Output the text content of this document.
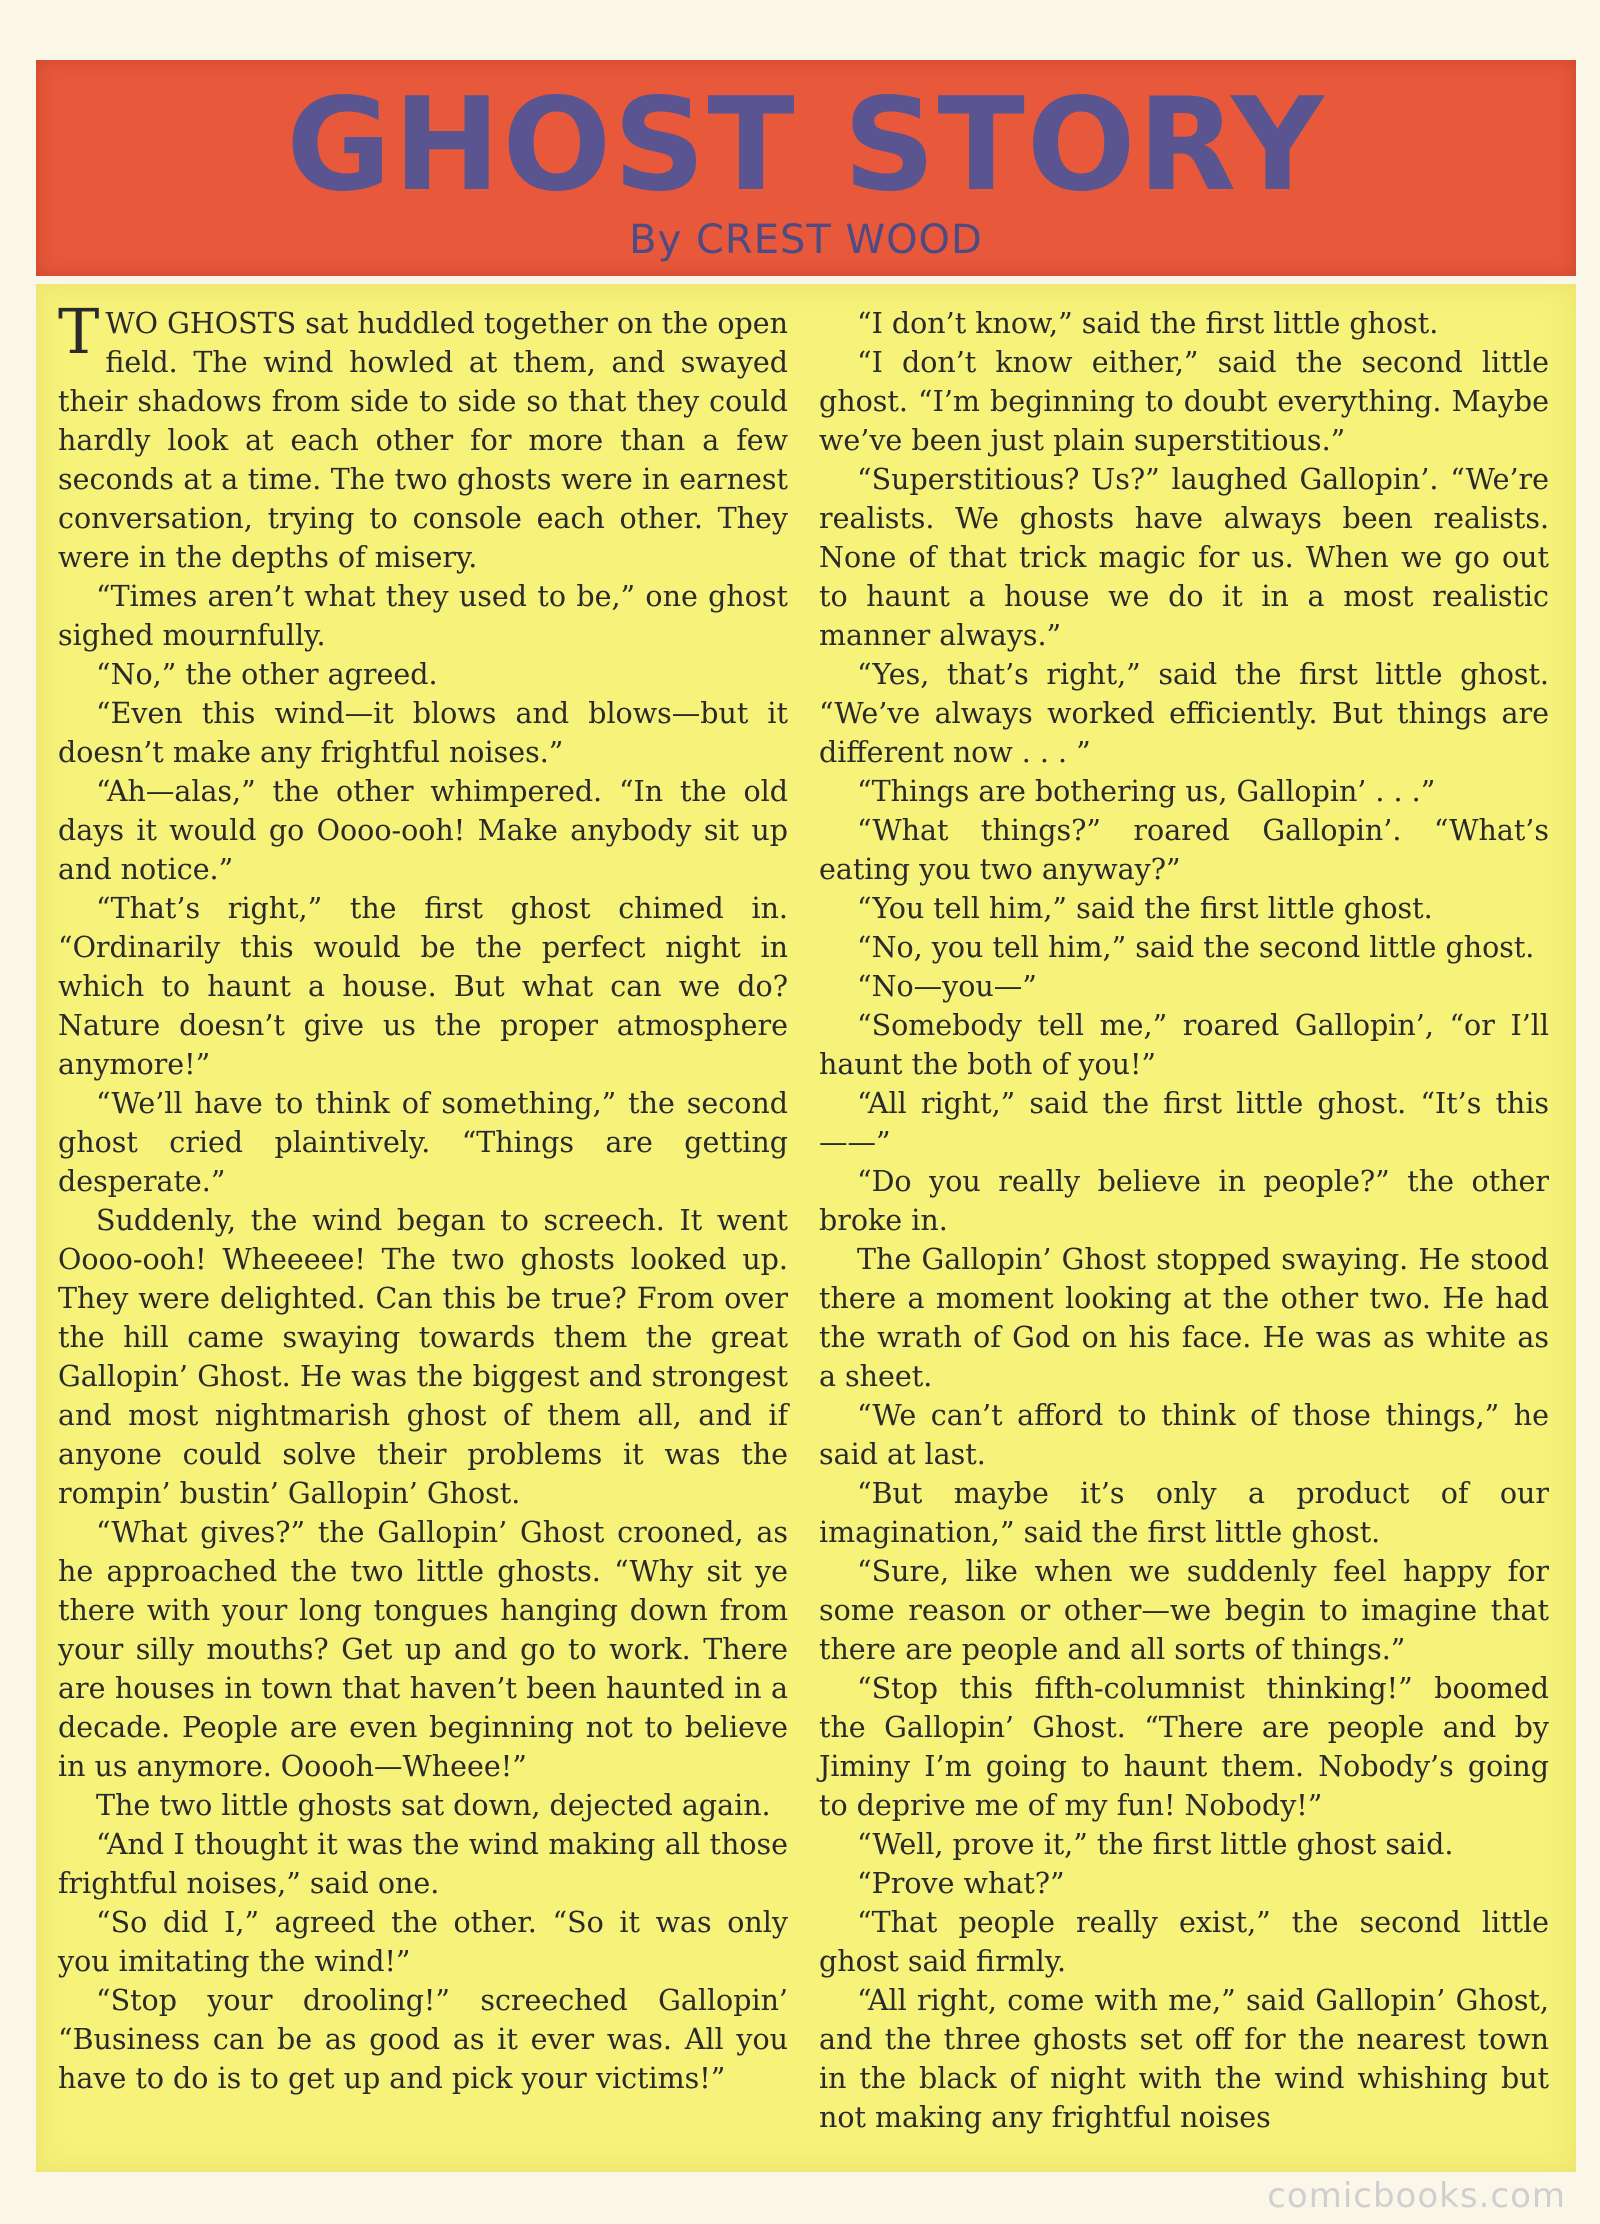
GHOST STORY
By CREST WOOD

TWO GHOSTS sat huddled together on the open field. The wind howled at them, and swayed their shadows from side to side so that they could hardly look at each other for more than a few seconds at a time. The two ghosts were in earnest conversation, trying to console each other. They were in the depths of misery.

“Times aren’t what they used to be,” one ghost sighed mournfully.

“No,” the other agreed.

“Even this wind—it blows and blows—but it doesn’t make any frightful noises.”

“Ah—alas,” the other whimpered. “In the old days it would go Oooo-ooh! Make anybody sit up and notice.”

“That’s right,” the first ghost chimed in. “Ordinarily this would be the perfect night in which to haunt a house. But what can we do? Nature doesn’t give us the proper atmosphere anymore!”

“We’ll have to think of something,” the second ghost cried plaintively. “Things are getting desperate.”

Suddenly, the wind began to screech. It went Oooo-ooh! Wheeeee! The two ghosts looked up. They were delighted. Can this be true? From over the hill came swaying towards them the great Gallopin’ Ghost. He was the biggest and strongest and most nightmarish ghost of them all, and if anyone could solve their problems it was the rompin’ bustin’ Gallopin’ Ghost.

“What gives?” the Gallopin’ Ghost crooned, as he approached the two little ghosts. “Why sit ye there with your long tongues hanging down from your silly mouths? Get up and go to work. There are houses in town that haven’t been haunted in a decade. People are even beginning not to believe in us anymore. Ooooh—Wheee!”

The two little ghosts sat down, dejected again.

“And I thought it was the wind making all those frightful noises,” said one.

“So did I,” agreed the other. “So it was only you imitating the wind!”

“Stop your drooling!” screeched Gallopin’ “Business can be as good as it ever was. All you have to do is to get up and pick your victims!”

“I don’t know,” said the first little ghost.

“I don’t know either,” said the second little ghost. “I’m beginning to doubt everything. Maybe we’ve been just plain superstitious.”

“Superstitious? Us?” laughed Gallopin’. “We’re realists. We ghosts have always been realists. None of that trick magic for us. When we go out to haunt a house we do it in a most realistic manner always.”

“Yes, that’s right,” said the first little ghost. “We’ve always worked efficiently. But things are different now . . . ”

“Things are bothering us, Gallopin’ . . .”

“What things?” roared Gallopin’. “What’s eating you two anyway?”

“You tell him,” said the first little ghost.

“No, you tell him,” said the second little ghost.

“No—you—”

“Somebody tell me,” roared Gallopin’, “or I’ll haunt the both of you!”

“All right,” said the first little ghost. “It’s this——”

“Do you really believe in people?” the other broke in.

The Gallopin’ Ghost stopped swaying. He stood there a moment looking at the other two. He had the wrath of God on his face. He was as white as a sheet.

“We can’t afford to think of those things,” he said at last.

“But maybe it’s only a product of our imagination,” said the first little ghost.

“Sure, like when we suddenly feel happy for some reason or other—we begin to imagine that there are people and all sorts of things.”

“Stop this fifth-columnist thinking!” boomed the Gallopin’ Ghost. “There are people and by Jiminy I’m going to haunt them. Nobody’s going to deprive me of my fun! Nobody!”

“Well, prove it,” the first little ghost said.

“Prove what?”

“That people really exist,” the second little ghost said firmly.

“All right, come with me,” said Gallopin’ Ghost, and the three ghosts set off for the nearest town in the black of night with the wind whishing but not making any frightful noises

comicbooks.com
